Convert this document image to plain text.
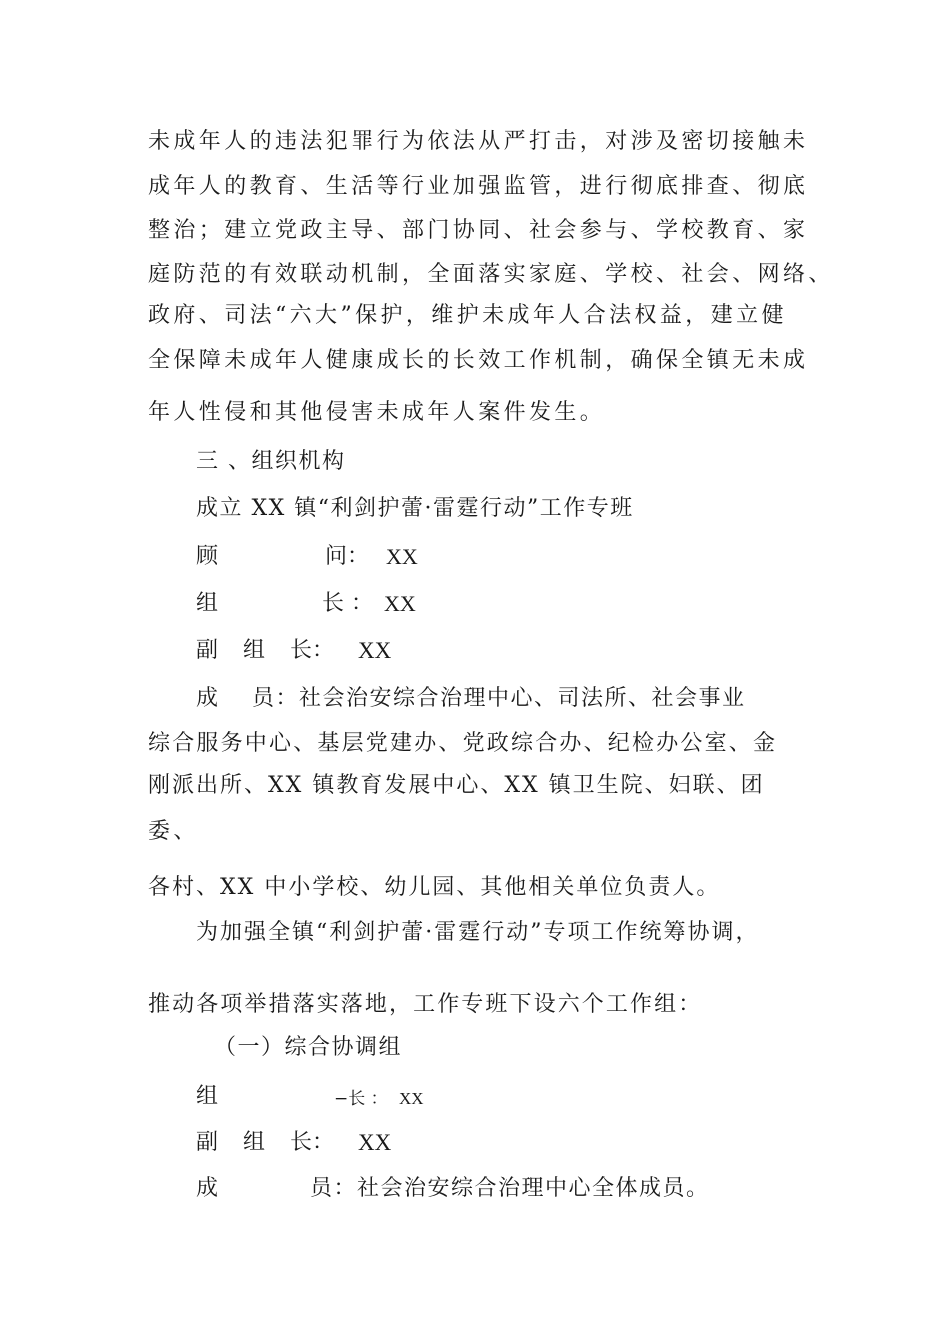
未成年人的违法犯罪行为依法从严打击，对涉及密切接触未
成年人的教育、生活等行业加强监管，进行彻底排查、彻底
整治；建立党政主导、部门协同、社会参与、学校教育、家
庭防范的有效联动机制，全面落实家庭、学校、社会、网络、
政府、司法“六大”保护，维护未成年人合法权益，建立健
全保障未成年人健康成长的长效工作机制，确保全镇无未成
年人性侵和其他侵害未成年人案件发生。
三 、组织机构
成立 XX 镇“利剑护蕾·雷霆行动”工作专班
顾	问： XX
组	长 ： XX
副 组 长： XX
成 员：社会治安综合治理中心、司法所、社会事业
综合服务中心、基层党建办、党政综合办、纪检办公室、金
刚派出所、XX 镇教育发展中心、XX 镇卫生院、妇联、团
委、
各村、XX 中小学校、幼儿园、其他相关单位负责人。
为加强全镇“利剑护蕾·雷霆行动”专项工作统筹协调，
推动各项举措落实落地，工作专班下设六个工作组：
（一）综合协调组
组	−长 ： XX
副 组 长： XX
成	员：社会治安综合治理中心全体成员。
